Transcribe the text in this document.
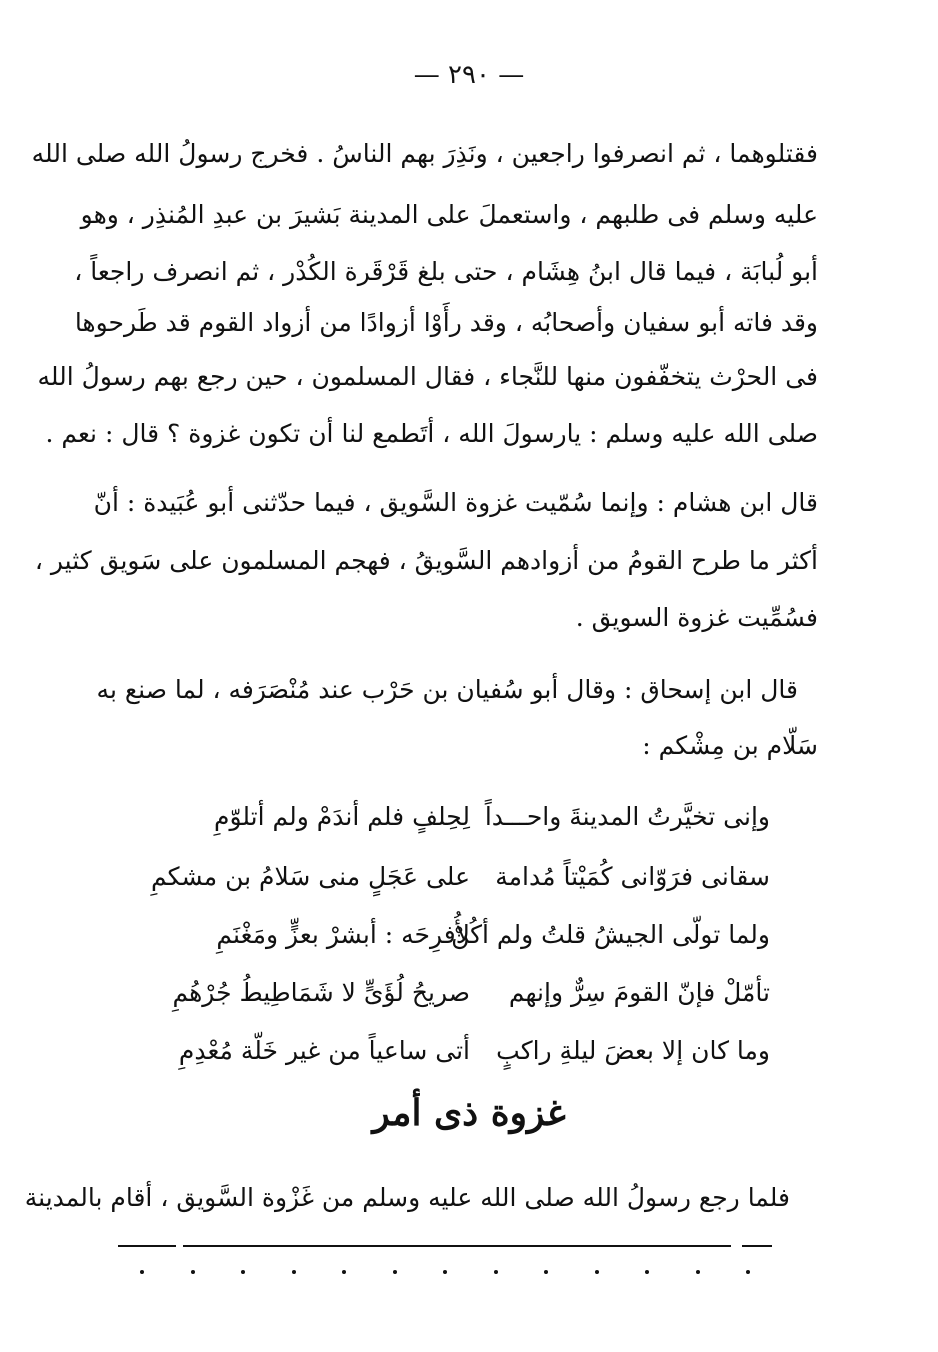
— ٢٩٠ —
فقتلوهما ، ثم انصرفوا راجعين ، ونَذِرَ بهم الناسُ . فخرج رسولُ الله صلى الله
عليه وسلم فى طلبهم ، واستعملَ على المدينة بَشيرَ بن عبدِ المُنذِر ، وهو
أبو لُبابَة ، فيما قال ابنُ هِشَام ، حتى بلغ قَرْقَرة الكُدْر ، ثم انصرف راجعاً ،
وقد فاته أبو سفيان وأصحابُه ، وقد رأَوْا أزوادًا من أزواد القوم قد طَرحوها
فى الحرْث يتخفّفون منها للنَّجاء ، فقال المسلمون ، حين رجع بهم رسولُ الله
صلى الله عليه وسلم : يارسولَ الله ، أتَطمع لنا أن تكون غزوة ؟ قال : نعم .
قال ابن هشام : وإنما سُمّيت غزوة السَّويق ، فيما حدّثنى أبو عُبَيدة : أنّ
أكثر ما طرح القومُ من أزوادهم السَّويقُ ، فهجم المسلمون على سَويق كثير ،
فسُمِّيت غزوة السويق .
قال ابن إسحاق : وقال أبو سُفيان بن حَرْب عند مُنْصَرَفه ، لما صنع به
سَلّام بن مِشْكم :
وإنى تخيَّرتُ المدينةَ واحـــداً
لِحِلفٍ فلم أندَمْ ولم أتلوّمِ
سقانى فرَوّانى كُمَيْتاً مُدامة
على عَجَلٍ منى سَلامُ بن مشكمِ
ولما تولّى الجيشُ قلتُ ولم أكُنْ
لأُفرِحَه : أبشرْ بعزٍّ ومَغْنَمِ
تأمّلْ فإنّ القومَ سِرٌّ وإنهم
صريحُ لُؤَىٍّ لا شَمَاطِيطُ جُرْهُمِ
وما كان إلا بعضَ ليلةِ راكبٍ
أتى ساعياً من غير خَلّة مُعْدِمِ
غزوة ذى أمر
فلما رجع رسولُ الله صلى الله عليه وسلم من غَزْوة السَّويق ، أقام بالمدينة
